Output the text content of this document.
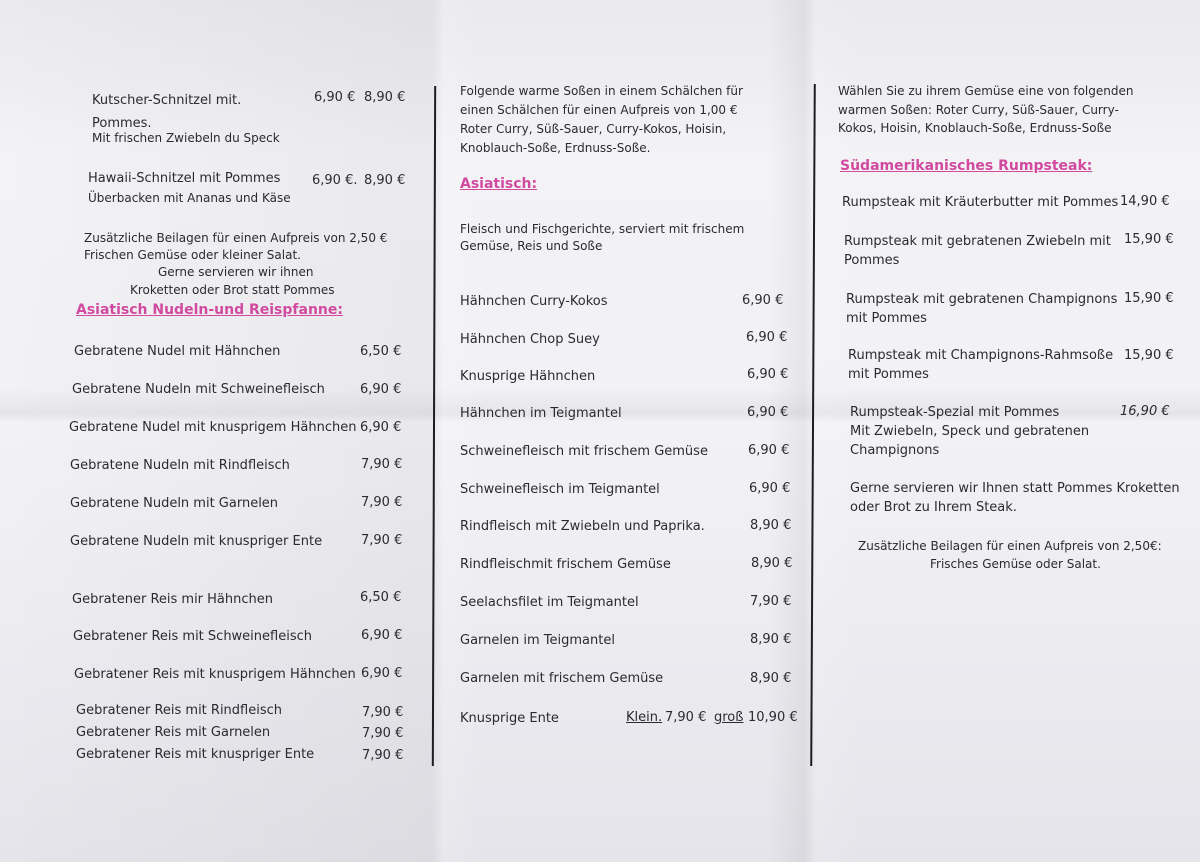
Kutscher-Schnitzel mit.
Pommes.
Mit frischen Zwiebeln du Speck
6,90 € 8,90 €
Hawaii-Schnitzel mit Pommes
Überbacken mit Ananas und Käse
6,90 €. 8,90 €
Zusätzliche Beilagen für einen Aufpreis von 2,50 €
Frischen Gemüse oder kleiner Salat.
Gerne servieren wir ihnen
Kroketten oder Brot statt Pommes
Asiatisch Nudeln-und Reispfanne:
Gebratene Nudel mit Hähnchen	6,50 €
Gebratene Nudeln mit Schweinefleisch	6,90 €
Gebratene Nudel mit knusprigem Hähnchen 6,90 €
Gebratene Nudeln mit Rindfleisch	7,90 €
Gebratene Nudeln mit Garnelen	7,90 €
Gebratene Nudeln mit knuspriger Ente	7,90 €
Gebratener Reis mir Hähnchen	6,50 €
Gebratener Reis mit Schweinefleisch	6,90 €
Gebratener Reis mit knusprigem Hähnchen 6,90 €
Gebratener Reis mit Rindfleisch	7,90 €
Gebratener Reis mit Garnelen	7,90 €
Gebratener Reis mit knuspriger Ente	7,90 €
Folgende warme Soßen in einem Schälchen für
einen Schälchen für einen Aufpreis von 1,00 €
Roter Curry, Süß-Sauer, Curry-Kokos, Hoisin,
Knoblauch-Soße, Erdnuss-Soße.
Asiatisch:
Fleisch und Fischgerichte, serviert mit frischem
Gemüse, Reis und Soße
Hähnchen Curry-Kokos	6,90 €
Hähnchen Chop Suey	6,90 €
Knusprige Hähnchen	6,90 €
Hähnchen im Teigmantel	6,90 €
Schweinefleisch mit frischem Gemüse	6,90 €
Schweinefleisch im Teigmantel	6,90 €
Rindfleisch mit Zwiebeln und Paprika.	8,90 €
Rindfleischmit frischem Gemüse	8,90 €
Seelachsfilet im Teigmantel	7,90 €
Garnelen im Teigmantel	8,90 €
Garnelen mit frischem Gemüse	8,90 €
Knusprige Ente	Klein. 7,90 € groß 10,90 €
Wählen Sie zu ihrem Gemüse eine von folgenden
warmen Soßen: Roter Curry, Süß-Sauer, Curry-
Kokos, Hoisin, Knoblauch-Soße, Erdnuss-Soße
Südamerikanisches Rumpsteak:
Rumpsteak mit Kräuterbutter mit Pommes 14,90 €
Rumpsteak mit gebratenen Zwiebeln mit
Pommes
15,90 €
Rumpsteak mit gebratenen Champignons
mit Pommes
15,90 €
Rumpsteak mit Champignons-Rahmsoße
mit Pommes
15,90 €
Rumpsteak-Spezial mit Pommes
Mit Zwiebeln, Speck und gebratenen
Champignons
16,90 €
Gerne servieren wir Ihnen statt Pommes Kroketten
oder Brot zu Ihrem Steak.
Zusätzliche Beilagen für einen Aufpreis von 2,50€:
Frisches Gemüse oder Salat.
